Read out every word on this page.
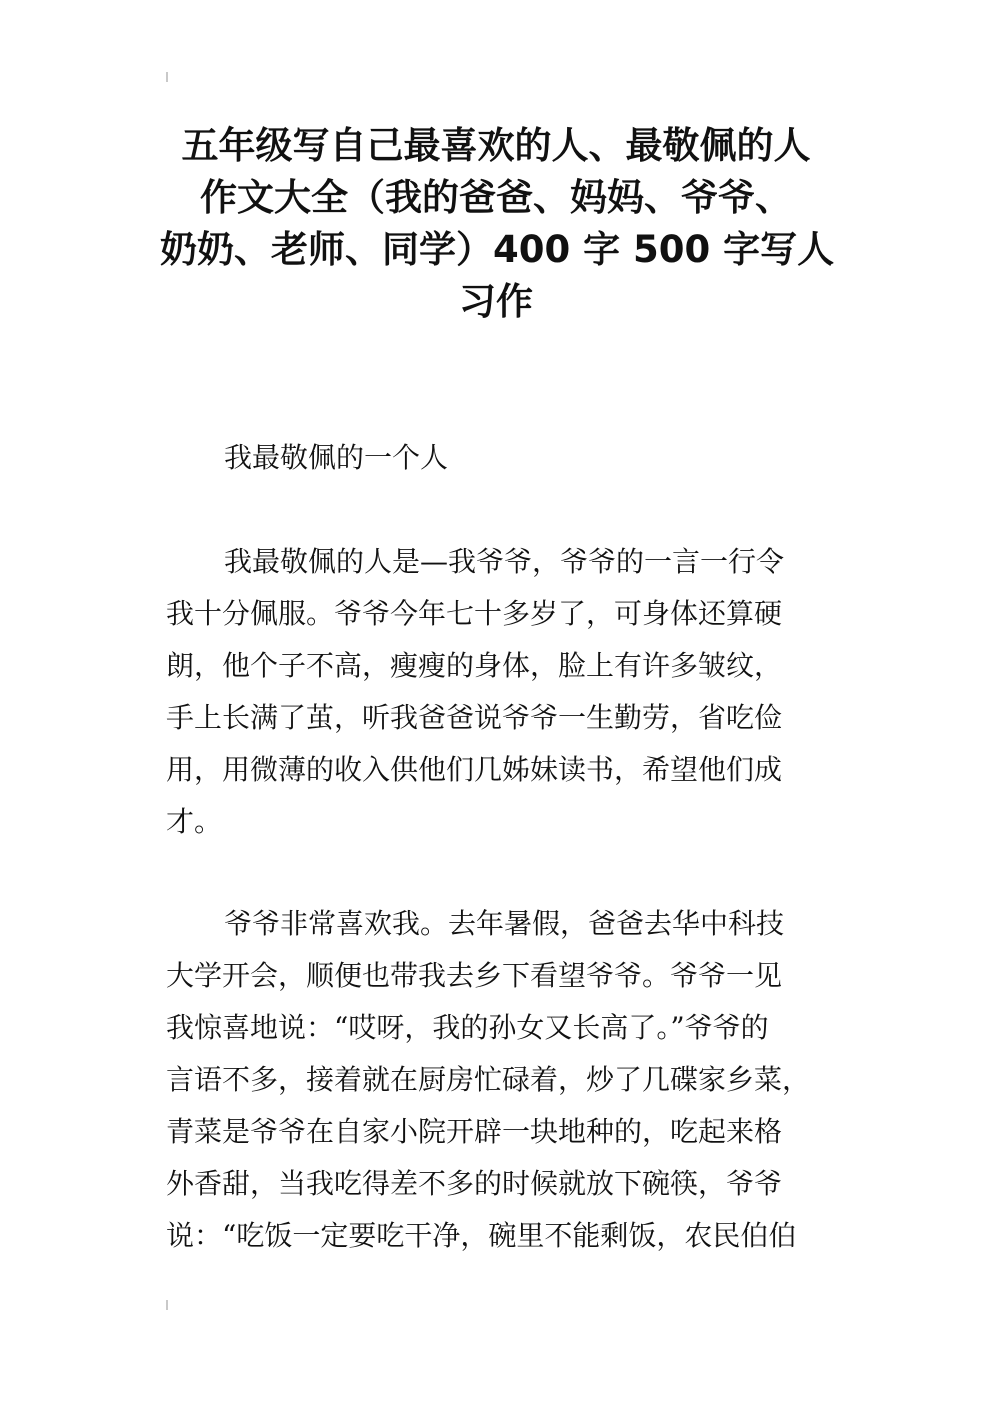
五年级写自己最喜欢的人、最敬佩的人
作文大全（我的爸爸、妈妈、爷爷、
奶奶、老师、同学）400 字 500 字写人
习作

我最敬佩的一个人

我最敬佩的人是—我爷爷，爷爷的一言一行令
我十分佩服。爷爷今年七十多岁了，可身体还算硬
朗，他个子不高，瘦瘦的身体，脸上有许多皱纹，
手上长满了茧，听我爸爸说爷爷一生勤劳，省吃俭
用，用微薄的收入供他们几姊妹读书，希望他们成
才。

爷爷非常喜欢我。去年暑假，爸爸去华中科技
大学开会，顺便也带我去乡下看望爷爷。爷爷一见
我惊喜地说：“哎呀，我的孙女又长高了。”爷爷的
言语不多，接着就在厨房忙碌着，炒了几碟家乡菜，
青菜是爷爷在自家小院开辟一块地种的，吃起来格
外香甜，当我吃得差不多的时候就放下碗筷，爷爷
说：“吃饭一定要吃干净，碗里不能剩饭，农民伯伯
